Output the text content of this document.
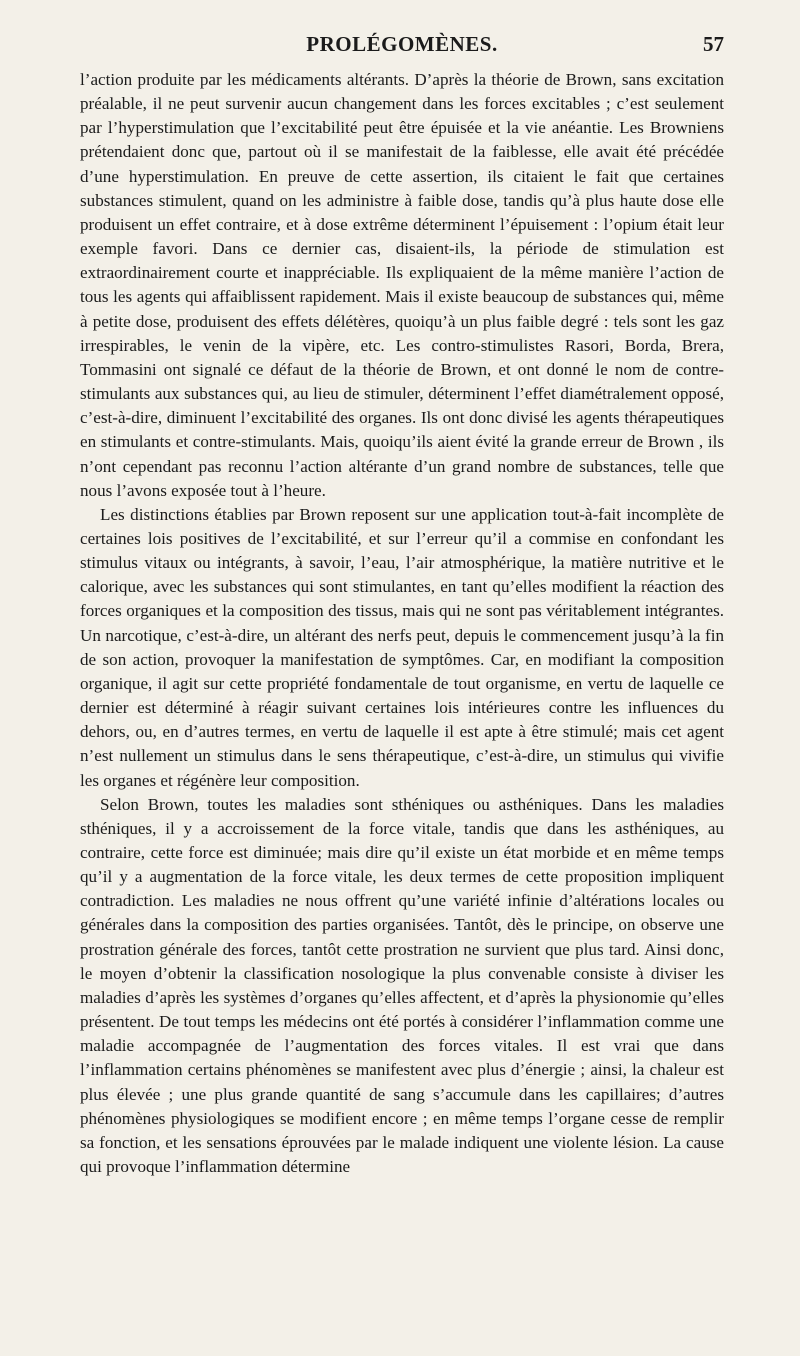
PROLÉGOMÈNES.	57

l’action produite par les médicaments altérants. D’après la théorie de Brown, sans excitation préalable, il ne peut survenir aucun changement dans les forces excitables ; c’est seulement par l’hyperstimulation que l’excitabilité peut être épuisée et la vie anéantie. Les Browniens prétendaient donc que, partout où il se manifestait de la faiblesse, elle avait été précédée d’une hyperstimulation. En preuve de cette assertion, ils citaient le fait que certaines substances stimulent, quand on les administre à faible dose, tandis qu’à plus haute dose elle produisent un effet contraire, et à dose extrême déterminent l’épuisement : l’opium était leur exemple favori. Dans ce dernier cas, disaient-ils, la période de stimulation est extraordinairement courte et inappréciable. Ils expliquaient de la même manière l’action de tous les agents qui affaiblissent rapidement. Mais il existe beaucoup de substances qui, même à petite dose, produisent des effets délétères, quoiqu’à un plus faible degré : tels sont les gaz irrespirables, le venin de la vipère, etc. Les contro-stimulistes Rasori, Borda, Brera, Tommasini ont signalé ce défaut de la théorie de Brown, et ont donné le nom de contre-stimulants aux substances qui, au lieu de stimuler, déterminent l’effet diamétralement opposé, c’est-à-dire, diminuent l’excitabilité des organes. Ils ont donc divisé les agents thérapeutiques en stimulants et contre-stimulants. Mais, quoiqu’ils aient évité la grande erreur de Brown , ils n’ont cependant pas reconnu l’action altérante d’un grand nombre de substances, telle que nous l’avons exposée tout à l’heure.

Les distinctions établies par Brown reposent sur une application tout-à-fait incomplète de certaines lois positives de l’excitabilité, et sur l’erreur qu’il a commise en confondant les stimulus vitaux ou intégrants, à savoir, l’eau, l’air atmosphérique, la matière nutritive et le calorique, avec les substances qui sont stimulantes, en tant qu’elles modifient la réaction des forces organiques et la composition des tissus, mais qui ne sont pas véritablement intégrantes. Un narcotique, c’est-à-dire, un altérant des nerfs peut, depuis le commencement jusqu’à la fin de son action, provoquer la manifestation de symptômes. Car, en modifiant la composition organique, il agit sur cette propriété fondamentale de tout organisme, en vertu de laquelle ce dernier est déterminé à réagir suivant certaines lois intérieures contre les influences du dehors, ou, en d’autres termes, en vertu de laquelle il est apte à être stimulé; mais cet agent n’est nullement un stimulus dans le sens thérapeutique, c’est-à-dire, un stimulus qui vivifie les organes et régénère leur composition.

Selon Brown, toutes les maladies sont sthéniques ou asthéniques. Dans les maladies sthéniques, il y a accroissement de la force vitale, tandis que dans les asthéniques, au contraire, cette force est diminuée; mais dire qu’il existe un état morbide et en même temps qu’il y a augmentation de la force vitale, les deux termes de cette proposition impliquent contradiction. Les maladies ne nous offrent qu’une variété infinie d’altérations locales ou générales dans la composition des parties organisées. Tantôt, dès le principe, on observe une prostration générale des forces, tantôt cette prostration ne survient que plus tard. Ainsi donc, le moyen d’obtenir la classification nosologique la plus convenable consiste à diviser les maladies d’après les systèmes d’organes qu’elles affectent, et d’après la physionomie qu’elles présentent. De tout temps les médecins ont été portés à considérer l’inflammation comme une maladie accompagnée de l’augmentation des forces vitales. Il est vrai que dans l’inflammation certains phénomènes se manifestent avec plus d’énergie ; ainsi, la chaleur est plus élevée ; une plus grande quantité de sang s’accumule dans les capillaires; d’autres phénomènes physiologiques se modifient encore ; en même temps l’organe cesse de remplir sa fonction, et les sensations éprouvées par le malade indiquent une violente lésion. La cause qui provoque l’inflammation détermine
